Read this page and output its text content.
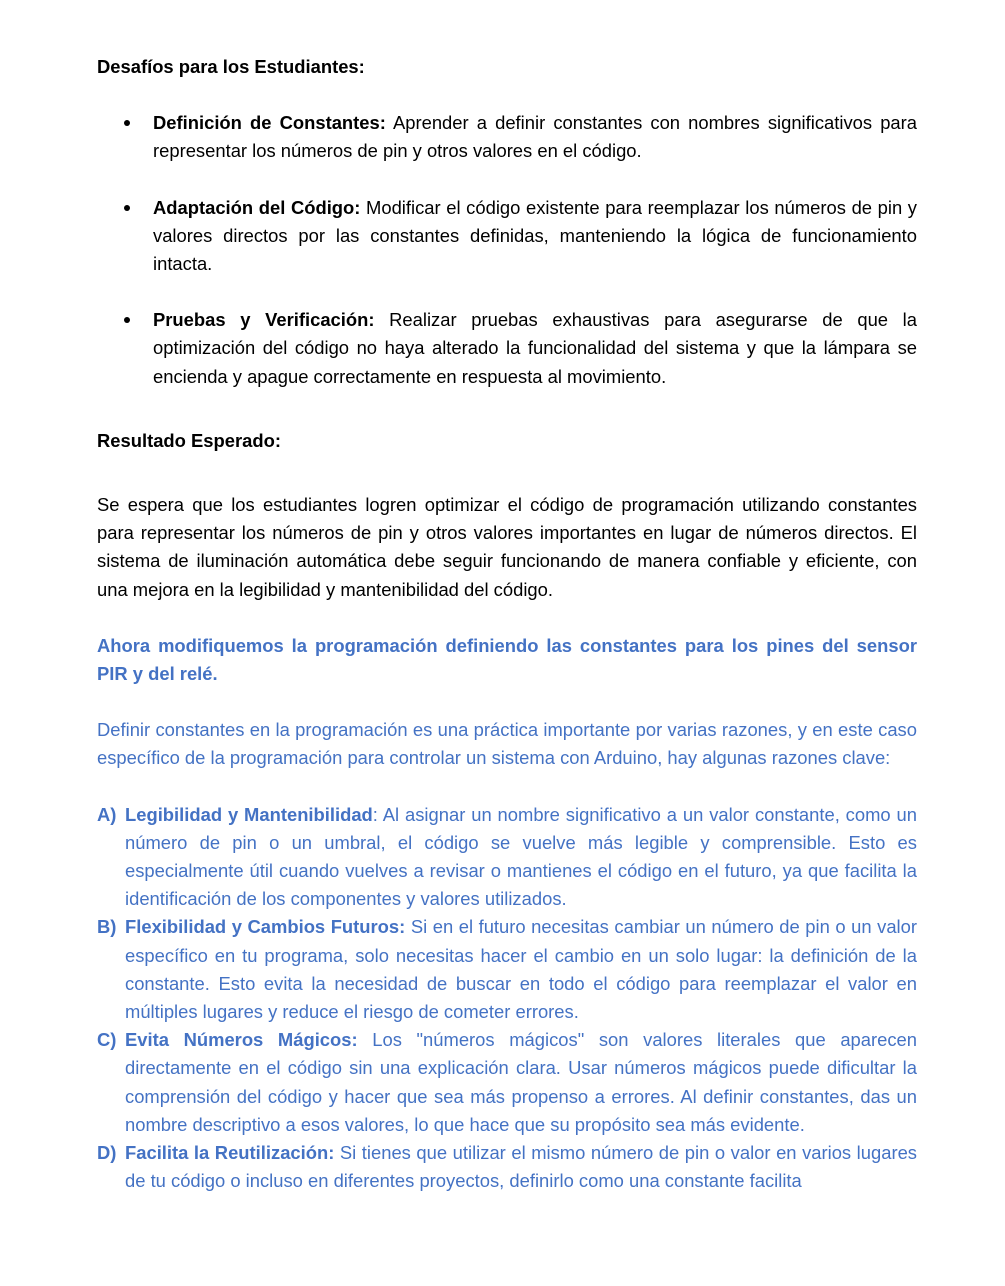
Desafíos para los Estudiantes:

Definición de Constantes: Aprender a definir constantes con nombres significativos para representar los números de pin y otros valores en el código.
Adaptación del Código: Modificar el código existente para reemplazar los números de pin y valores directos por las constantes definidas, manteniendo la lógica de funcionamiento intacta.
Pruebas y Verificación: Realizar pruebas exhaustivas para asegurarse de que la optimización del código no haya alterado la funcionalidad del sistema y que la lámpara se encienda y apague correctamente en respuesta al movimiento.

Resultado Esperado:

Se espera que los estudiantes logren optimizar el código de programación utilizando constantes para representar los números de pin y otros valores importantes en lugar de números directos. El sistema de iluminación automática debe seguir funcionando de manera confiable y eficiente, con una mejora en la legibilidad y mantenibilidad del código.

Ahora modifiquemos la programación definiendo las constantes para los pines del sensor PIR y del relé.

Definir constantes en la programación es una práctica importante por varias razones, y en este caso específico de la programación para controlar un sistema con Arduino, hay algunas razones clave:

A) Legibilidad y Mantenibilidad: Al asignar un nombre significativo a un valor constante, como un número de pin o un umbral, el código se vuelve más legible y comprensible. Esto es especialmente útil cuando vuelves a revisar o mantienes el código en el futuro, ya que facilita la identificación de los componentes y valores utilizados.
B) Flexibilidad y Cambios Futuros: Si en el futuro necesitas cambiar un número de pin o un valor específico en tu programa, solo necesitas hacer el cambio en un solo lugar: la definición de la constante. Esto evita la necesidad de buscar en todo el código para reemplazar el valor en múltiples lugares y reduce el riesgo de cometer errores.
C) Evita Números Mágicos: Los "números mágicos" son valores literales que aparecen directamente en el código sin una explicación clara. Usar números mágicos puede dificultar la comprensión del código y hacer que sea más propenso a errores. Al definir constantes, das un nombre descriptivo a esos valores, lo que hace que su propósito sea más evidente.
D) Facilita la Reutilización: Si tienes que utilizar el mismo número de pin o valor en varios lugares de tu código o incluso en diferentes proyectos, definirlo como una constante facilita
